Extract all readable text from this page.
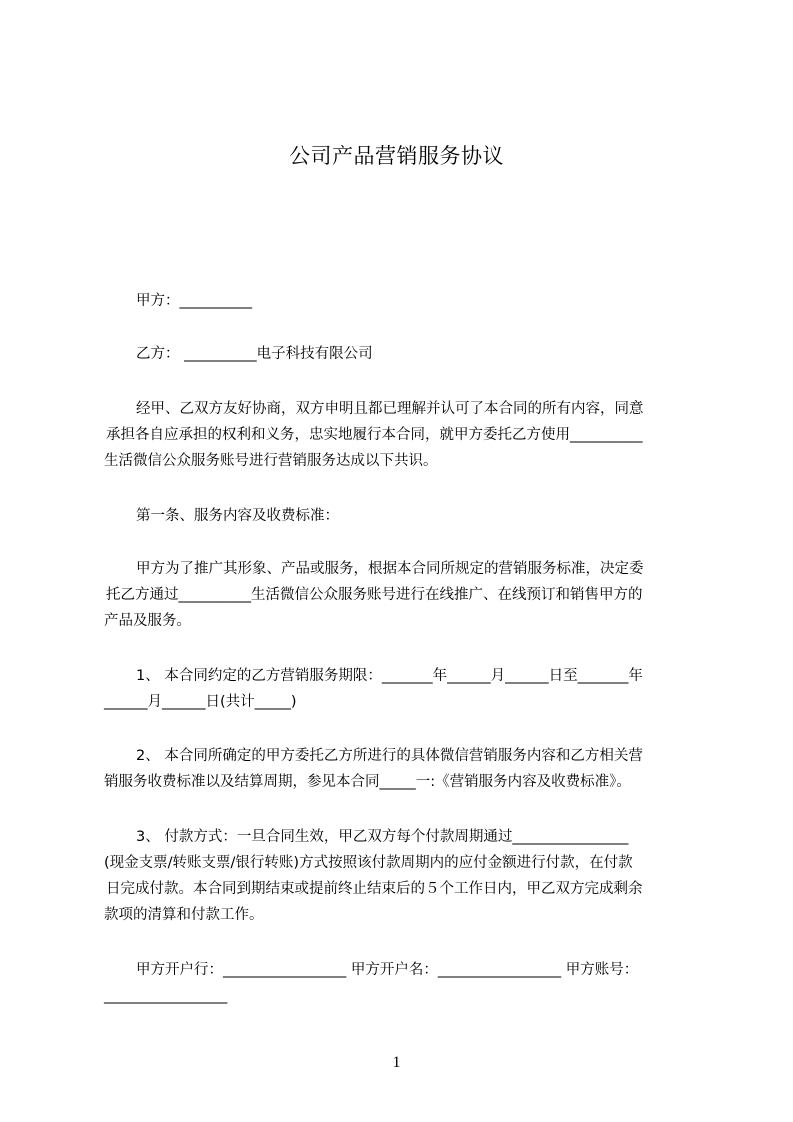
公司产品营销服务协议
甲方：__________
乙方： __________电子科技有限公司
经甲、乙双方友好协商，双方申明且都已理解并认可了本合同的所有内容，同意
承担各自应承担的权利和义务，忠实地履行本合同，就甲方委托乙方使用__________
生活微信公众服务账号进行营销服务达成以下共识。
第一条、服务内容及收费标准：
甲方为了推广其形象、产品或服务，根据本合同所规定的营销服务标准，决定委
托乙方通过__________生活微信公众服务账号进行在线推广、在线预订和销售甲方的
产品及服务。
1、 本合同约定的乙方营销服务期限：_______年______月______日至_______年
______月______日(共计_____)
2、 本合同所确定的甲方委托乙方所进行的具体微信营销服务内容和乙方相关营
销服务收费标准以及结算周期，参见本合同_____一:《营销服务内容及收费标准》。
3、 付款方式：一旦合同生效，甲乙双方每个付款周期通过________________
(现金支票/转账支票/银行转账)方式按照该付款周期内的应付金额进行付款，在付款
日完成付款。本合同到期结束或提前终止结束后的５个工作日内，甲乙双方完成剩余
款项的清算和付款工作。
甲方开户行：_________________ 甲方开户名：_________________ 甲方账号：
_________________
1
